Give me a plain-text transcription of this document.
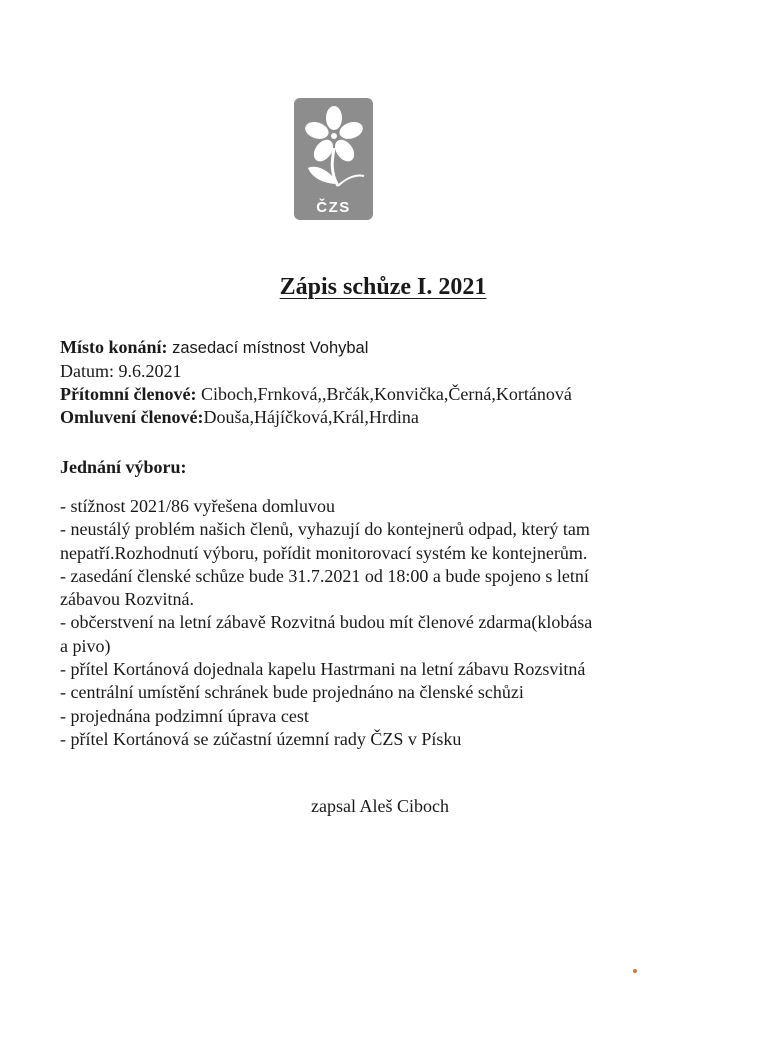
ČZS
Zápis schůze I. 2021
Místo konání: zasedací místnost Vohybal
Datum: 9.6.2021
Přítomní členové: Ciboch,Frnková,,Brčák,Konvička,Černá,Kortánová
Omluvení členové:Douša,Hájíčková,Král,Hrdina
Jednání výboru:
- stížnost 2021/86 vyřešena domluvou
- neustálý problém našich členů, vyhazují do kontejnerů odpad, který tam
nepatří.Rozhodnutí výboru, pořídit monitorovací systém ke kontejnerům.
- zasedání členské schůze bude 31.7.2021 od 18:00 a bude spojeno s letní
zábavou Rozvitná.
- občerstvení na letní zábavě Rozvitná budou mít členové zdarma(klobása
a pivo)
- přítel Kortánová dojednala kapelu Hastrmani na letní zábavu Rozsvitná
- centrální umístění schránek bude projednáno na členské schůzi
- projednána podzimní úprava cest
- přítel Kortánová se zúčastní územní rady ČZS v Písku
zapsal Aleš Ciboch
